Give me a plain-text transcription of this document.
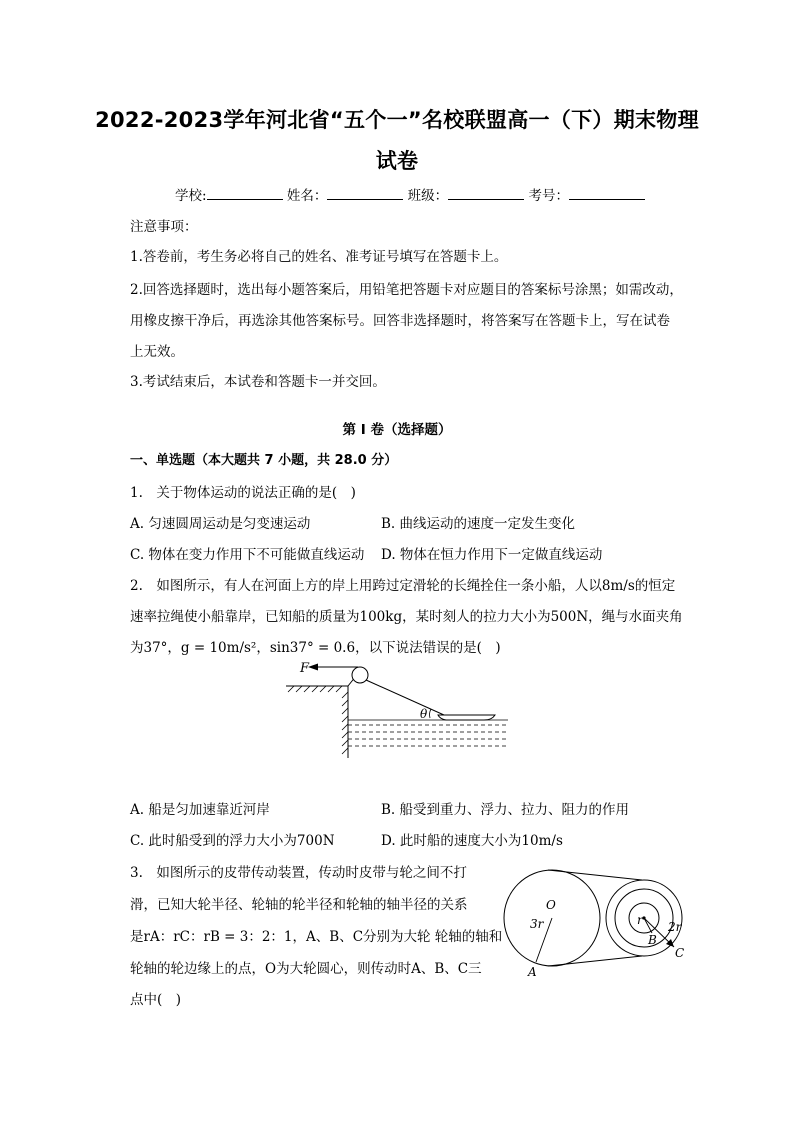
2022-2023学年河北省“五个一”名校联盟高一（下）期末物理
试卷
学校:	姓名：	班级：	考号：
注意事项：
1.答卷前，考生务必将自己的姓名、准考证号填写在答题卡上。
2.回答选择题时，选出每小题答案后，用铅笔把答题卡对应题目的答案标号涂黑；如需改动，
用橡皮擦干净后，再选涂其他答案标号。回答非选择题时，将答案写在答题卡上，写在试卷
上无效。
3.考试结束后，本试卷和答题卡一并交回。
第 I 卷（选择题）
一、单选题（本大题共 7 小题，共 28.0 分）
1.　关于物体运动的说法正确的是(　)
A. 匀速圆周运动是匀变速运动	B. 曲线运动的速度一定发生变化
C. 物体在变力作用下不可能做直线运动 D. 物体在恒力作用下一定做直线运动
2.　如图所示，有人在河面上方的岸上用跨过定滑轮的长绳拴住一条小船，人以8m/s的恒定
速率拉绳使小船靠岸，已知船的质量为100kg，某时刻人的拉力大小为500N，绳与水面夹角
为37°，g = 10m/s²，sin37° = 0.6，以下说法错误的是(　)
F
θ
A. 船是匀加速靠近河岸	B. 船受到重力、浮力、拉力、阻力的作用
C. 此时船受到的浮力大小为700N	D. 此时船的速度大小为10m/s
3.　如图所示的皮带传动装置，传动时皮带与轮之间不打
滑，已知大轮半径、轮轴的轮半径和轮轴的轴半径的关系
是rA：rC：rB = 3：2：1，A、B、C分别为大轮 轮轴的轴和
轮轴的轮边缘上的点，O为大轮圆心，则传动时A、B、C三
点中(　)
O
3r	r 2r
A
B
C
